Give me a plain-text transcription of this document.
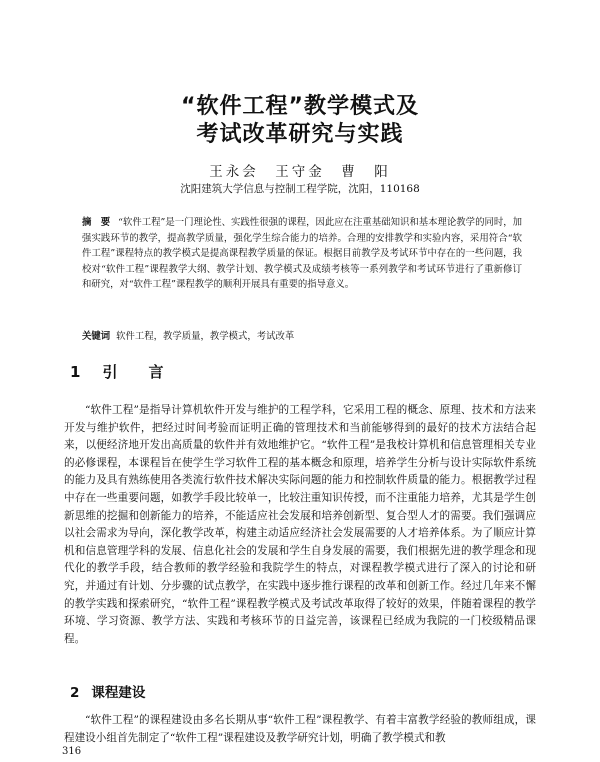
“软件工程”教学模式及
考试改革研究与实践
王永会　王守金　曹　阳
沈阳建筑大学信息与控制工程学院，沈阳，110168
摘　要 “软件工程”是一门理论性、实践性很强的课程，因此应在注重基础知识和基本理论教学的同时，加强实践环节的教学，提高教学质量，强化学生综合能力的培养。合理的安排教学和实验内容，采用符合“软件工程”课程特点的教学模式是提高课程教学质量的保证。根据目前教学及考试环节中存在的一些问题，我校对“软件工程”课程教学大纲、教学计划、教学模式及成绩考核等一系列教学和考试环节进行了重新修订和研究，对“软件工程”课程教学的顺利开展具有重要的指导意义。
关键词 软件工程，教学质量，教学模式，考试改革
1 引　言
“软件工程”是指导计算机软件开发与维护的工程学科，它采用工程的概念、原理、技术和方法来开发与维护软件，把经过时间考验而证明正确的管理技术和当前能够得到的最好的技术方法结合起来，以便经济地开发出高质量的软件并有效地维护它。“软件工程”是我校计算机和信息管理相关专业的必修课程，本课程旨在使学生学习软件工程的基本概念和原理，培养学生分析与设计实际软件系统的能力及具有熟练使用各类流行软件技术解决实际问题的能力和控制软件质量的能力。根据教学过程中存在一些重要问题，如教学手段比较单一，比较注重知识传授，而不注重能力培养，尤其是学生创新思维的挖掘和创新能力的培养，不能适应社会发展和培养创新型、复合型人才的需要。我们强调应以社会需求为导向，深化教学改革，构建主动适应经济社会发展需要的人才培养体系。为了顺应计算机和信息管理学科的发展、信息化社会的发展和学生自身发展的需要，我们根据先进的教学理念和现代化的教学手段，结合教师的教学经验和我院学生的特点，对课程教学模式进行了深入的讨论和研究，并通过有计划、分步骤的试点教学，在实践中逐步推行课程的改革和创新工作。经过几年来不懈的教学实践和探索研究，“软件工程”课程教学模式及考试改革取得了较好的效果，伴随着课程的教学环境、学习资源、教学方法、实践和考核环节的日益完善，该课程已经成为我院的一门校级精品课程。
2 课程建设
“软件工程”的课程建设由多名长期从事“软件工程”课程教学、有着丰富教学经验的教师组成，课程建设小组首先制定了“软件工程”课程建设及教学研究计划，明确了教学模式和教
316
